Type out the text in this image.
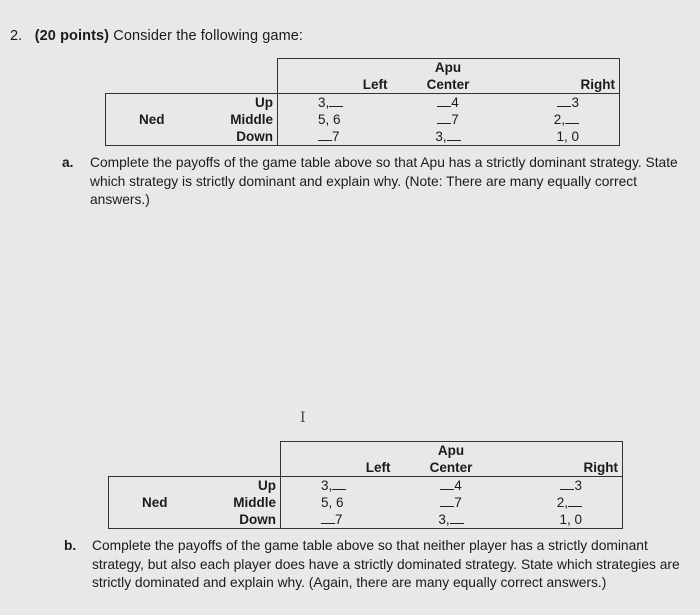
2. (20 points) Consider the following game:
			Apu	
		Left	Center	Right
	Up	3,	4	3
Ned	Middle	5, 6	7	2,
	Down	7	3,	1, 0
a. Complete the payoffs of the game table above so that Apu has a strictly dominant strategy. State which strategy is strictly dominant and explain why. (Note: There are many equally correct answers.)
I
			Apu	
		Left	Center	Right
	Up	3,	4	3
Ned	Middle	5, 6	7	2,
	Down	7	3,	1, 0
b. Complete the payoffs of the game table above so that neither player has a strictly dominant strategy, but also each player does have a strictly dominated strategy. State which strategies are strictly dominated and explain why. (Again, there are many equally correct answers.)
